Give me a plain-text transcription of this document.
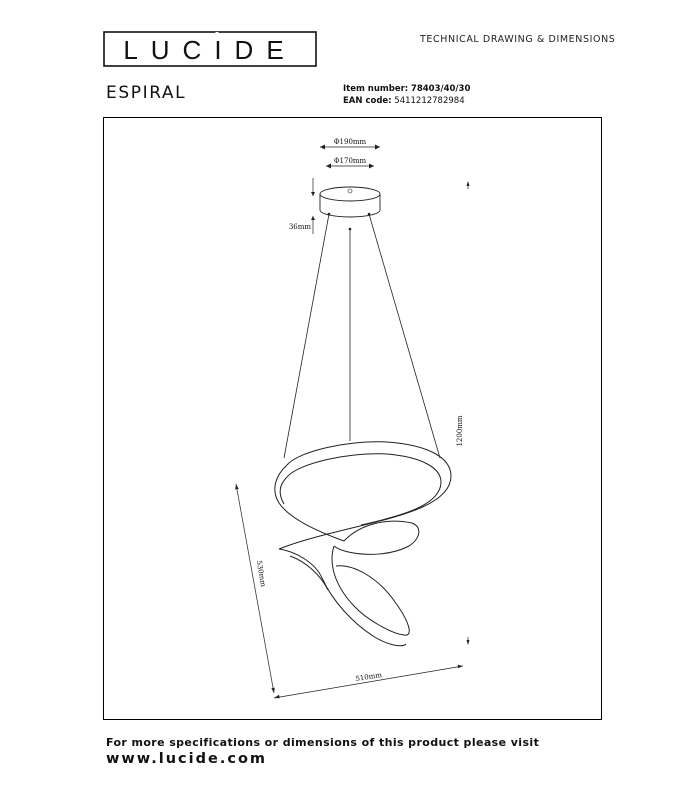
LUCIDE	TECHNICAL DRAWING & DIMENSIONS
ESPIRAL	Item number: 78403/40/30
EAN code: 5411212782984
Φ190mm
Φ170mm
36mm
1200mm
530mm
510mm
For more specifications or dimensions of this product please visit
www.lucide.com
